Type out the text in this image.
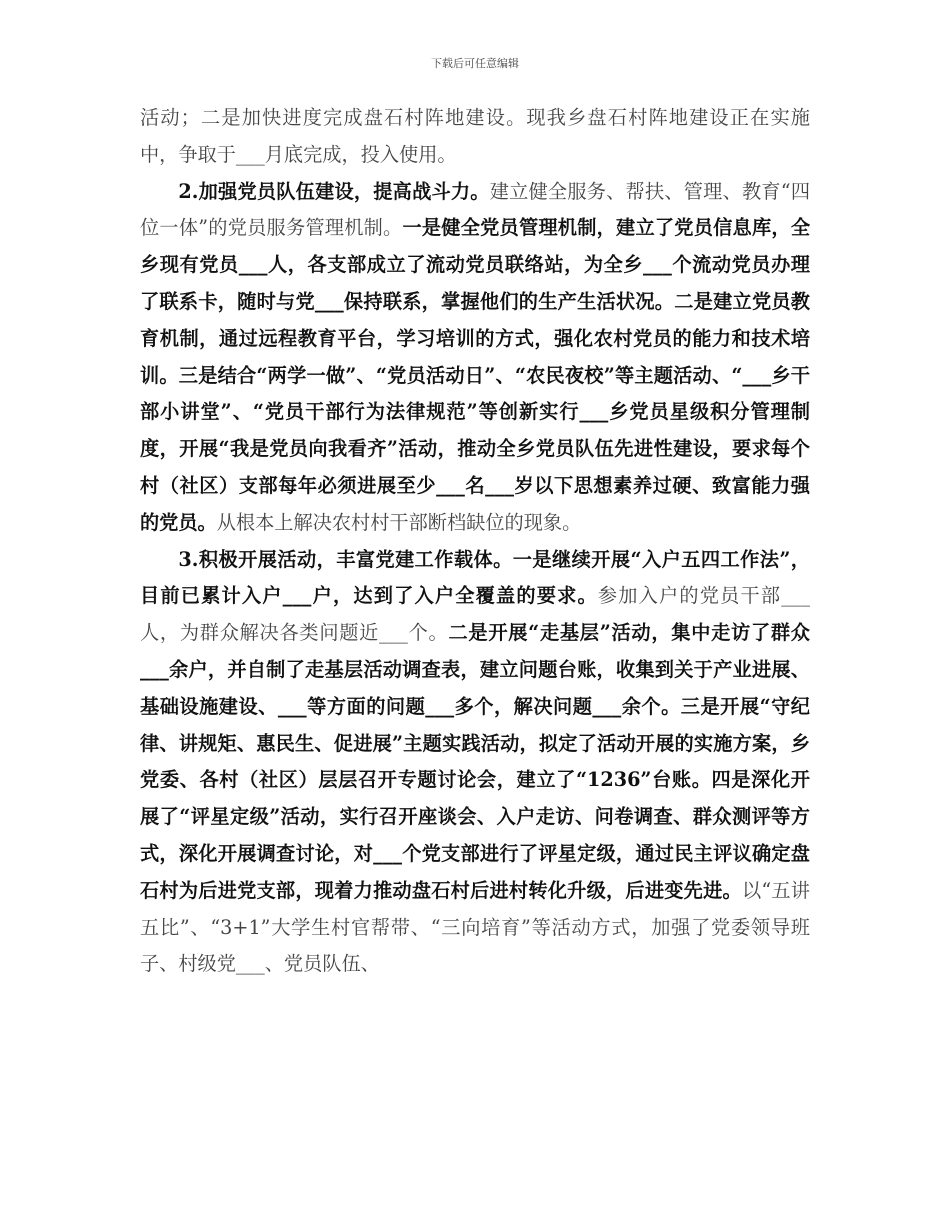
下载后可任意编辑

活动；二是加快进度完成盘石村阵地建设。现我乡盘石村阵地建设正在实施中，争取于___月底完成，投入使用。

2.加强党员队伍建设，提高战斗力。建立健全服务、帮扶、管理、教育“四位一体”的党员服务管理机制。一是健全党员管理机制，建立了党员信息库，全乡现有党员___人，各支部成立了流动党员联络站，为全乡___个流动党员办理了联系卡，随时与党___保持联系，掌握他们的生产生活状况。二是建立党员教育机制，通过远程教育平台，学习培训的方式，强化农村党员的能力和技术培训。三是结合“两学一做”、“党员活动日”、“农民夜校”等主题活动、“___乡干部小讲堂”、“党员干部行为法律规范”等创新实行___乡党员星级积分管理制度，开展“我是党员向我看齐”活动，推动全乡党员队伍先进性建设，要求每个村（社区）支部每年必须进展至少___名___岁以下思想素养过硬、致富能力强的党员。从根本上解决农村村干部断档缺位的现象。

3.积极开展活动，丰富党建工作载体。一是继续开展“入户五四工作法”，目前已累计入户___户，达到了入户全覆盖的要求。参加入户的党员干部___人，为群众解决各类问题近___个。二是开展“走基层”活动，集中走访了群众___余户，并自制了走基层活动调查表，建立问题台账，收集到关于产业进展、基础设施建设、___等方面的问题___多个，解决问题___余个。三是开展“守纪律、讲规矩、惠民生、促进展”主题实践活动，拟定了活动开展的实施方案，乡党委、各村（社区）层层召开专题讨论会，建立了“1236”台账。四是深化开展了“评星定级”活动，实行召开座谈会、入户走访、问卷调查、群众测评等方式，深化开展调查讨论，对___个党支部进行了评星定级，通过民主评议确定盘石村为后进党支部，现着力推动盘石村后进村转化升级，后进变先进。以“五讲五比”、“3+1”大学生村官帮带、“三向培育”等活动方式，加强了党委领导班子、村级党___、党员队伍、
